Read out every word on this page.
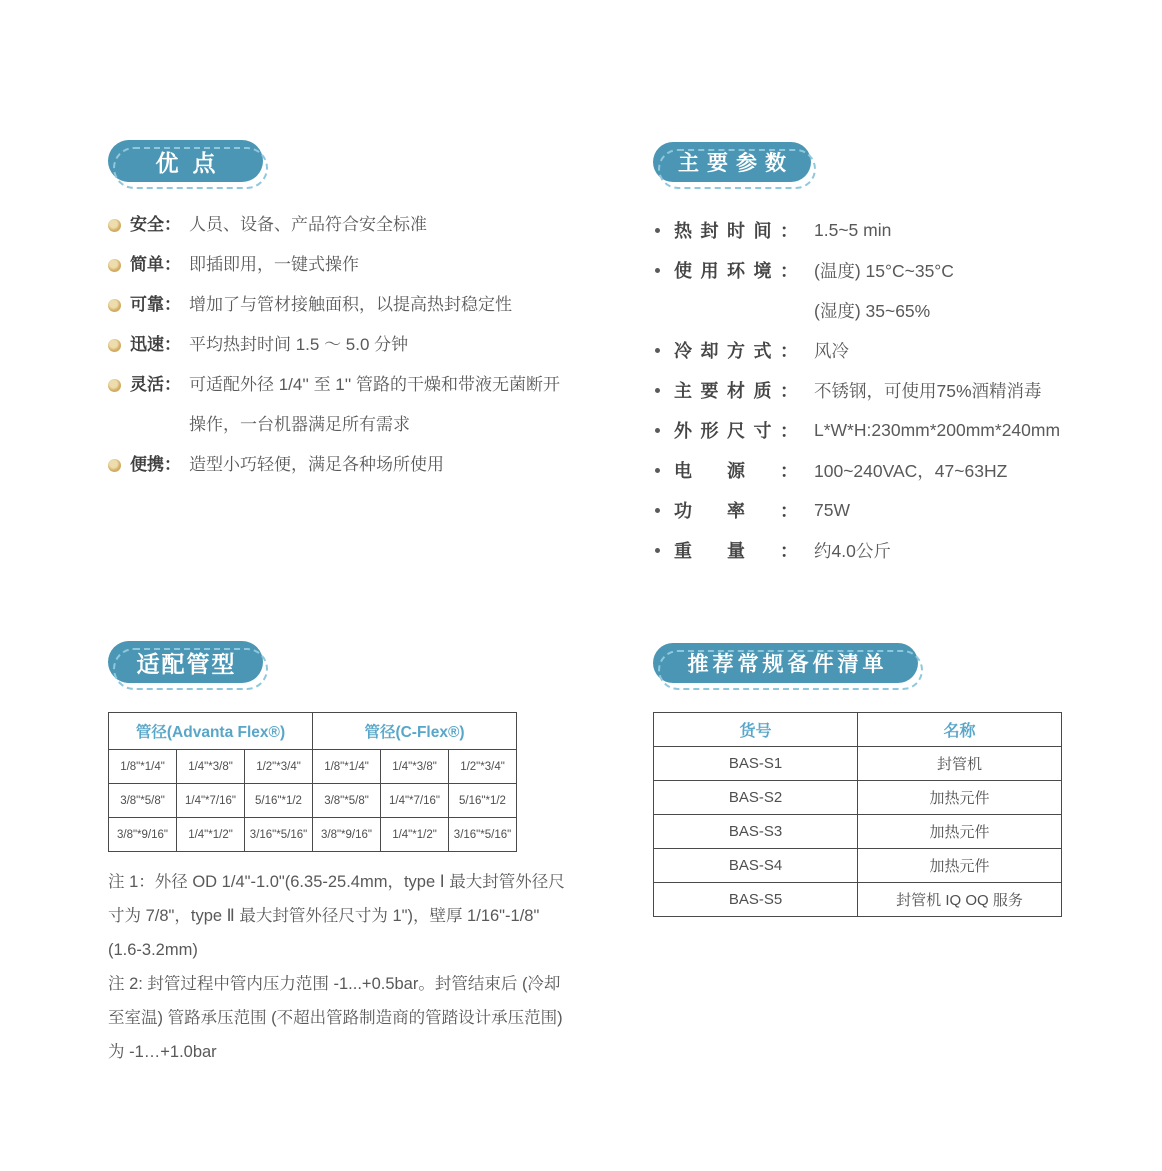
优点
安全： 人员、设备、产品符合安全标准
简单： 即插即用，一键式操作
可靠： 增加了与管材接触面积，以提高热封稳定性
迅速： 平均热封时间 1.5 ～ 5.0 分钟
灵活： 可适配外径 1/4'' 至 1'' 管路的干燥和带液无菌断开操作，一台机器满足所有需求
便携： 造型小巧轻便，满足各种场所使用
主要参数
热封时间： 1.5~5 min
使用环境： (温度) 15°C~35°C
(湿度) 35~65%
冷却方式： 风冷
主要材质： 不锈钢，可使用75%酒精消毒
外形尺寸： L*W*H:230mm*200mm*240mm
电源： 100~240VAC，47~63HZ
功率： 75W
重量： 约4.0公斤
适配管型
管径(Advanta Flex®)			管径(C-Flex®)		
1/8"*1/4"	1/4"*3/8"	1/2"*3/4"	1/8"*1/4"	1/4"*3/8"	1/2"*3/4"
3/8"*5/8"	1/4"*7/16"	5/16"*1/2	3/8"*5/8"	1/4"*7/16"	5/16"*1/2
3/8"*9/16"	1/4"*1/2"	3/16"*5/16"	3/8"*9/16"	1/4"*1/2"	3/16"*5/16"

注 1：外径 OD 1/4"-1.0"(6.35-25.4mm，type Ⅰ 最大封管外径尺寸为 7/8"，type Ⅱ 最大封管外径尺寸为 1")，壁厚 1/16"-1/8"(1.6-3.2mm)

注 2: 封管过程中管内压力范围 -1...+0.5bar。封管结束后 (冷却至室温) 管路承压范围 (不超出管路制造商的管踏设计承压范围) 为 -1…+1.0bar

推荐常规备件清单
货号	名称
BAS-S1	封管机
BAS-S2	加热元件
BAS-S3	加热元件
BAS-S4	加热元件
BAS-S5	封管机 IQ OQ 服务
